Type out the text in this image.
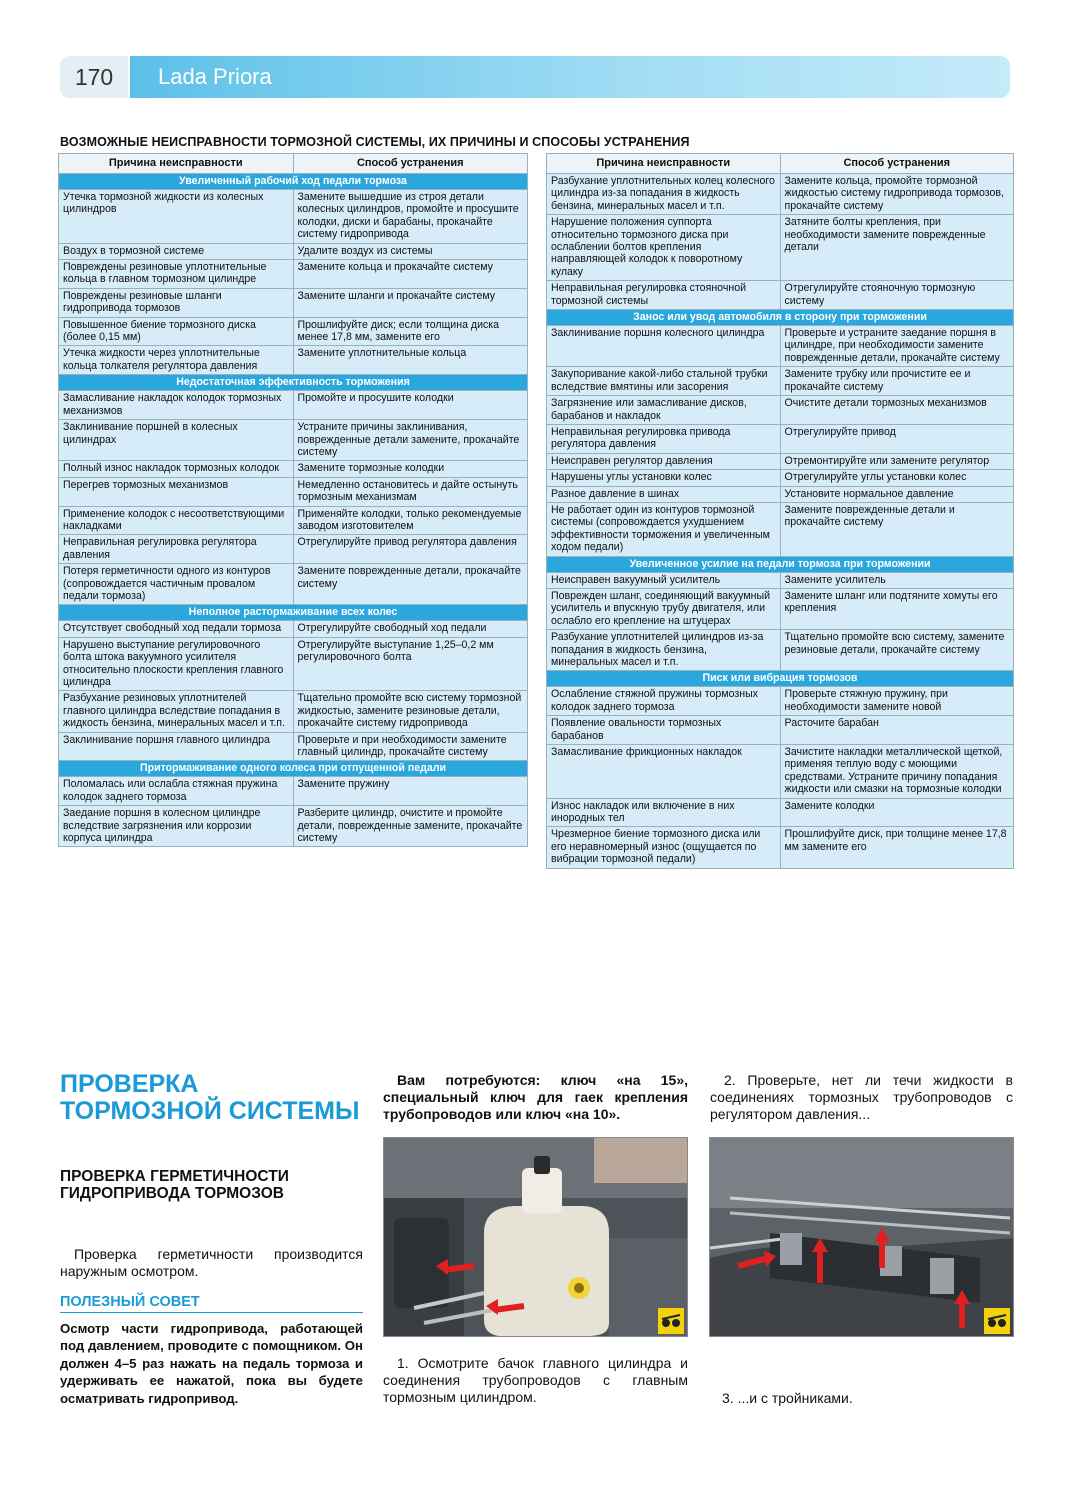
170	Lada Priora
ВОЗМОЖНЫЕ НЕИСПРАВНОСТИ ТОРМОЗНОЙ СИСТЕМЫ, ИХ ПРИЧИНЫ И СПОСОБЫ УСТРАНЕНИЯ
Причина неисправности	Способ устранения
Увеличенный рабочий ход педали тормоза	
Утечка тормозной жидкости из колесных цилиндров	Замените вышедшие из строя детали колесных цилиндров, промойте и просушите колодки, диски и барабаны, прокачайте систему гидропривода
Воздух в тормозной системе	Удалите воздух из системы
Повреждены резиновые уплотнительные кольца в главном тормозном цилиндре	Замените кольца и прокачайте систему
Повреждены резиновые шланги гидропривода тормозов	Замените шланги и прокачайте систему
Повышенное биение тормозного диска (более 0,15 мм)	Прошлифуйте диск; если толщина диска менее 17,8 мм, замените его
Утечка жидкости через уплотнительные кольца толкателя регулятора давления	Замените уплотнительные кольца
Недостаточная эффективность торможения	
Замасливание накладок колодок тормозных механизмов	Промойте и просушите колодки
Заклинивание поршней в колесных цилиндрах	Устраните причины заклинивания, поврежденные детали замените, прокачайте систему
Полный износ накладок тормозных колодок	Замените тормозные колодки
Перегрев тормозных механизмов	Немедленно остановитесь и дайте остынуть тормозным механизмам
Применение колодок с несоответствующими накладками	Применяйте колодки, только рекомендуемые заводом изготовителем
Неправильная регулировка регулятора давления	Отрегулируйте привод регулятора давления
Потеря герметичности одного из контуров (сопровождается частичным провалом педали тормоза)	Замените поврежденные детали, прокачайте систему
Неполное растормаживание всех колес	
Отсутствует свободный ход педали тормоза	Отрегулируйте свободный ход педали
Нарушено выступание регулировочного болта штока вакуумного усилителя относительно плоскости крепления главного цилиндра	Отрегулируйте выступание 1,25–0,2 мм регулировочного болта
Разбухание резиновых уплотнителей главного цилиндра вследствие попадания в жидкость бензина, минеральных масел и т.п.	Тщательно промойте всю систему тормозной жидкостью, замените резиновые детали, прокачайте систему гидропривода
Заклинивание поршня главного цилиндра	Проверьте и при необходимости замените главный цилиндр, прокачайте систему
Притормаживание одного колеса при отпущенной педали	
Поломалась или ослабла стяжная пружина колодок заднего тормоза	Замените пружину
Заедание поршня в колесном цилиндре вследствие загрязнения или коррозии корпуса цилиндра	Разберите цилиндр, очистите и промойте детали, поврежденные замените, прокачайте систему
Причина неисправности	Способ устранения
Разбухание уплотнительных колец колесного цилиндра из-за попадания в жидкость бензина, минеральных масел и т.п.	Замените кольца, промойте тормозной жидкостью систему гидропривода тормозов, прокачайте систему
Нарушение положения суппорта относительно тормозного диска при ослаблении болтов крепления направляющей колодок к поворотному кулаку	Затяните болты крепления, при необходимости замените поврежденные детали
Неправильная регулировка стояночной тормозной системы	Отрегулируйте стояночную тормозную систему
Занос или увод автомобиля в сторону при торможении	
Заклинивание поршня колесного цилиндра	Проверьте и устраните заедание поршня в цилиндре, при необходимости замените поврежденные детали, прокачайте систему
Закупоривание какой-либо стальной трубки вследствие вмятины или засорения	Замените трубку или прочистите ее и прокачайте систему
Загрязнение или замасливание дисков, барабанов и накладок	Очистите детали тормозных механизмов
Неправильная регулировка привода регулятора давления	Отрегулируйте привод
Неисправен регулятор давления	Отремонтируйте или замените регулятор
Нарушены углы установки колес	Отрегулируйте углы установки колес
Разное давление в шинах	Установите нормальное давление
Не работает один из контуров тормозной системы (сопровождается ухудшением эффективности торможения и увеличенным ходом педали)	Замените поврежденные детали и прокачайте систему
Увеличенное усилие на педали тормоза при торможении	
Неисправен вакуумный усилитель	Замените усилитель
Поврежден шланг, соединяющий вакуумный усилитель и впускную трубу двигателя, или ослабло его крепление на штуцерах	Замените шланг или подтяните хомуты его крепления
Разбухание уплотнителей цилиндров из-за попадания в жидкость бензина, минеральных масел и т.п.	Тщательно промойте всю систему, замените резиновые детали, прокачайте систему
Писк или вибрация тормозов	
Ослабление стяжной пружины тормозных колодок заднего тормоза	Проверьте стяжную пружину, при необходимости замените новой
Появление овальности тормозных барабанов	Расточите барабан
Замасливание фрикционных накладок	Зачистите накладки металлической щеткой, применяя теплую воду с моющими средствами. Устраните причину попадания жидкости или смазки на тормозные колодки
Износ накладок или включение в них инородных тел	Замените колодки
Чрезмерное биение тормозного диска или его неравномерный износ (ощущается по вибрации тормозной педали)	Прошлифуйте диск, при толщине менее 17,8 мм замените его
ПРОВЕРКА ТОРМОЗНОЙ СИСТЕМЫ
ПРОВЕРКА ГЕРМЕТИЧНОСТИ ГИДРОПРИВОДА ТОРМОЗОВ
Проверка герметичности производится наружным осмотром.
ПОЛЕЗНЫЙ СОВЕТ
Осмотр части гидропривода, работающей под давлением, проводите с помощником. Он должен 4–5 раз нажать на педаль тормоза и удерживать ее нажатой, пока вы будете осматривать гидропривод.
Вам потребуются: ключ «на 15», специальный ключ для гаек крепления трубопроводов или ключ «на 10».
1. Осмотрите бачок главного цилиндра и соединения трубопроводов с главным тормозным цилиндром.
2. Проверьте, нет ли течи жидкости в соединениях тормозных трубопроводов с регулятором давления...
3. ...и с тройниками.
